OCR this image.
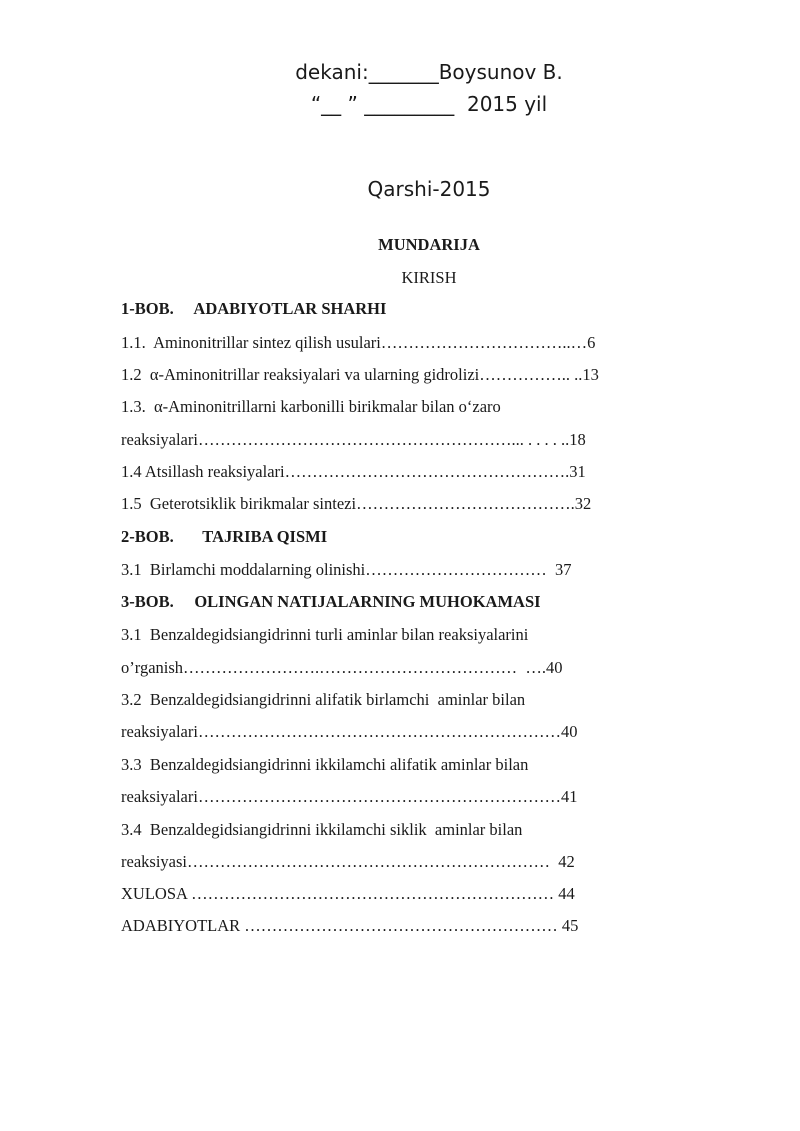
dekani:_______Boysunov B.
“__ ” _________  2015 yil
Qarshi-2015
MUNDARIJA
KIRISH
1-BOB.     ADABIYOTLAR SHARHI
1.1.  Aminonitrillar sintez qilish usulari……………………………..…6
1.2  α-Aminonitrillar reaksiyalari va ularning gidrolizi…………….. ..13
1.3.  α-Aminonitrillarni karbonilli birikmalar bilan o‘zaro
reaksiyalari…………………………………………………... . . . . ..18
1.4 Atsillash reaksiyalari…………………………………………….31
1.5  Geterotsiklik birikmalar sintezi………………………………….32
2-BOB.       TAJRIBA QISMI
3.1  Birlamchi moddalarning olinishi……………………………  37
3-BOB.     OLINGAN NATIJALARNING MUHOKAMASI
3.1  Benzaldegidsiangidrinni turli aminlar bilan reaksiyalarini
o’rganish…………………….………………………………  ….40
3.2  Benzaldegidsiangidrinni alifatik birlamchi  aminlar bilan
reaksiyalari…………………………………………………………40
3.3  Benzaldegidsiangidrinni ikkilamchi alifatik aminlar bilan
reaksiyalari…………………………………………………………41
3.4  Benzaldegidsiangidrinni ikkilamchi siklik  aminlar bilan
reaksiyasi…………………………………………………………  42
XULOSA ………………………………………………………… 44
ADABIYOTLAR ………………………………………………… 45
